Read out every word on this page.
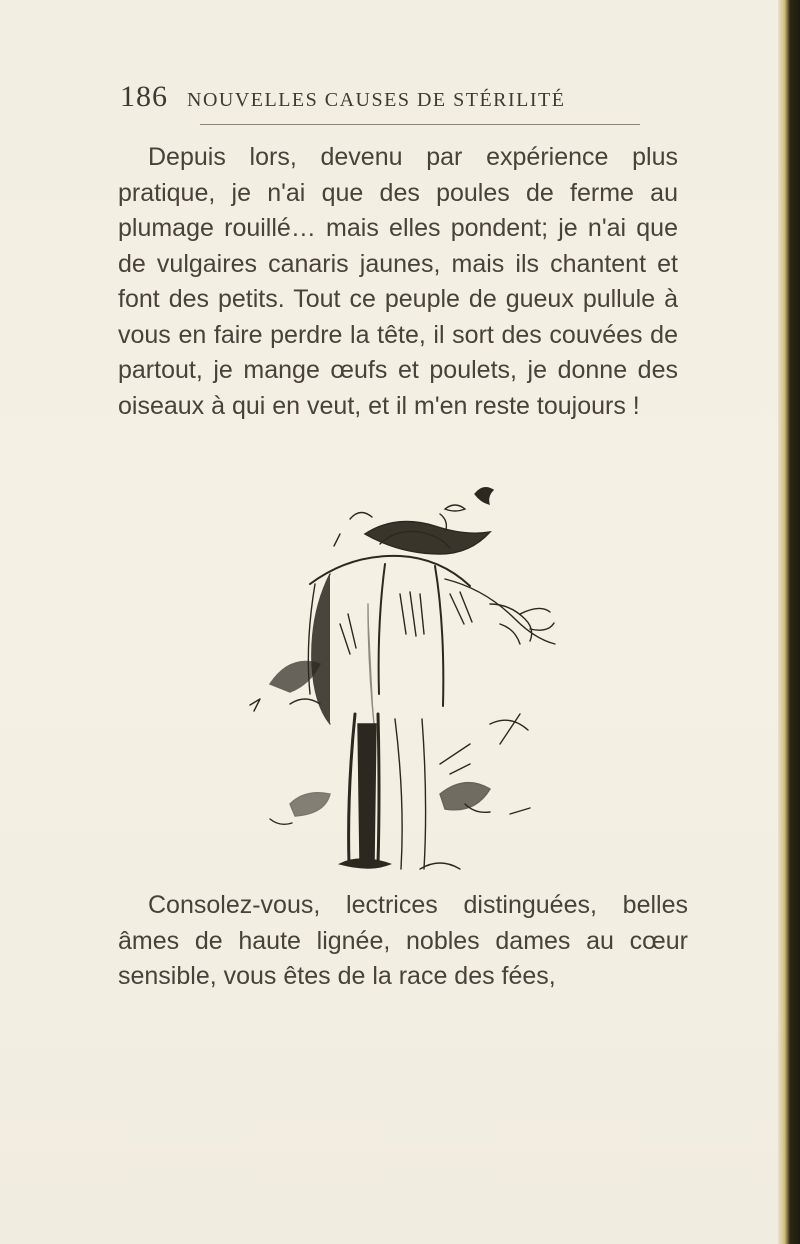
186 NOUVELLES CAUSES DE STÉRILITÉ

Depuis lors, devenu par expérience plus pratique, je n'ai que des poules de ferme au plumage rouillé… mais elles pondent; je n'ai que de vulgaires canaris jaunes, mais ils chantent et font des petits. Tout ce peuple de gueux pullule à vous en faire perdre la tête, il sort des couvées de partout, je mange œufs et poulets, je donne des oiseaux à qui en veut, et il m'en reste toujours !

Consolez-vous, lectrices distinguées, belles âmes de haute lignée, nobles dames au cœur sensible, vous êtes de la race des fées,
